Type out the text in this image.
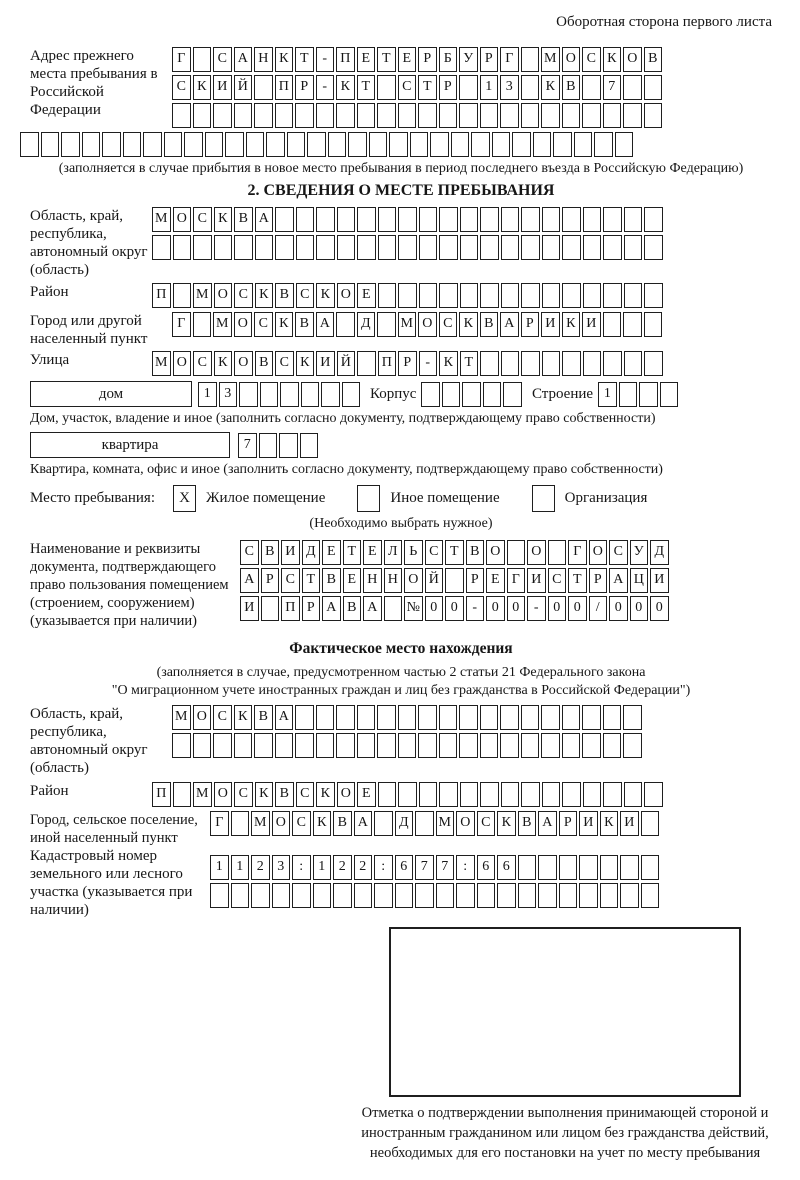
Оборотная сторона первого листа
Адрес прежнего места пребывания в Российской Федерации
Г	С А Н К Т - П Е Т Е Р Б У Р Г	М О С К О В
С К И Й П Р	- К Т	С Т Р	1 3	К В	7
(заполняется в случае прибытия в новое место пребывания в период последнего въезда в Российскую Федерацию)
2. СВЕДЕНИЯ О МЕСТЕ ПРЕБЫВАНИЯ
Область, край, республика, автономный округ (область)
М О С К В А
Район	П М О С К В С К О Е
Город или другой населенный пункт
Г	М О С К В А	Д	М О С К В А Р И К И
Улица	М О С К О В С К И Й П Р	- К Т
дом	1 3	Корпус	Строение 1
Дом, участок, владение и иное (заполнить согласно документу, подтверждающему право собственности)
квартира	7
Квартира, комната, офис и иное (заполнить согласно документу, подтверждающему право собственности)
Место пребывания:	X	Жилое помещение	Иное помещение	Организация
(Необходимо выбрать нужное)
Наименование и реквизиты документа, подтверждающего право пользования помещением (строением, сооружением) (указывается при наличии)
С В И Д Е Т Е Л Ь С Т В О О	Г О С У Д
А Р С Т В Е Н Н О Й	Р Е Г И С Т Р А Ц И
И П Р А В А № 0 0	-	0 0	-	0 0	/	0 0 0
Фактическое место нахождения
(заполняется в случае, предусмотренном частью 2 статьи 21 Федерального закона
"О миграционном учете иностранных граждан и лиц без гражданства в Российской Федерации")
Область, край, республика, автономный округ (область)
М О С К В А
Район	П М О С К В С К О Е
Город, сельское поселение, иной населенный пункт
Г	М О С К В А	Д	М О С К В А Р И К И
Кадастровый номер земельного или лесного участка (указывается при наличии)
1 1 2 3	:	1 2 2	:	6 7 7	:	6 6
Отметка о подтверждении выполнения принимающей стороной и иностранным гражданином или лицом без гражданства действий, необходимых для его постановки на учет по месту пребывания
